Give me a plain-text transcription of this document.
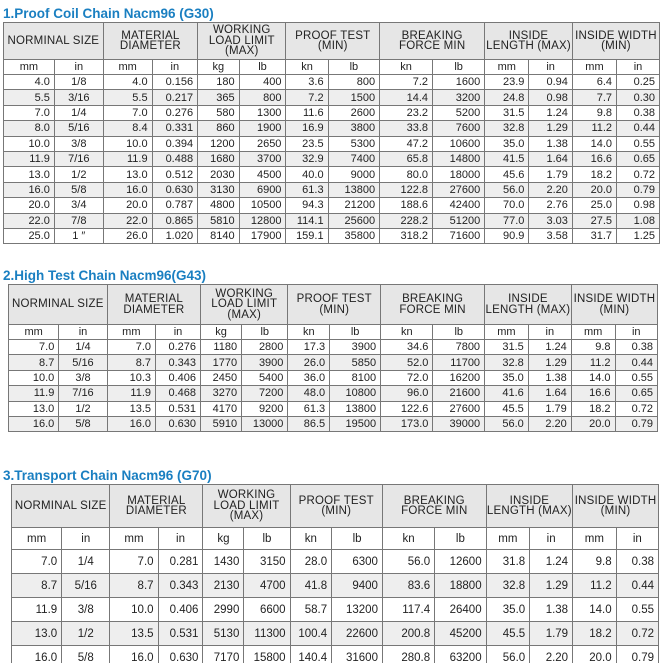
1.Proof Coil Chain Nacm96 (G30)
NORMINAL SIZE		MATERIAL DIAMETER		WORKING LOAD LIMIT (MAX)		PROOF TEST (MIN)		BREAKING FORCE MIN		INSIDE LENGTH (MAX)		INSIDE WIDTH (MIN)	
mm	in	mm	in	kg	lb	kn	lb	kn	lb	mm	in	mm	in
4.0	1/8	4.0	0.156	180	400	3.6	800	7.2	1600	23.9	0.94	6.4	0.25
5.5	3/16	5.5	0.217	365	800	7.2	1500	14.4	3200	24.8	0.98	7.7	0.30
7.0	1/4	7.0	0.276	580	1300	11.6	2600	23.2	5200	31.5	1.24	9.8	0.38
8.0	5/16	8.4	0.331	860	1900	16.9	3800	33.8	7600	32.8	1.29	11.2	0.44
10.0	3/8	10.0	0.394	1200	2650	23.5	5300	47.2	10600	35.0	1.38	14.0	0.55
11.9	7/16	11.9	0.488	1680	3700	32.9	7400	65.8	14800	41.5	1.64	16.6	0.65
13.0	1/2	13.0	0.512	2030	4500	40.0	9000	80.0	18000	45.6	1.79	18.2	0.72
16.0	5/8	16.0	0.630	3130	6900	61.3	13800	122.8	27600	56.0	2.20	20.0	0.79
20.0	3/4	20.0	0.787	4800	10500	94.3	21200	188.6	42400	70.0	2.76	25.0	0.98
22.0	7/8	22.0	0.865	5810	12800	114.1	25600	228.2	51200	77.0	3.03	27.5	1.08
25.0	1 ″	26.0	1.020	8140	17900	159.1	35800	318.2	71600	90.9	3.58	31.7	1.25
2.High Test Chain Nacm96(G43)
NORMINAL SIZE		MATERIAL DIAMETER		WORKING LOAD LIMIT (MAX)		PROOF TEST (MIN)		BREAKING FORCE MIN		INSIDE LENGTH (MAX)		INSIDE WIDTH (MIN)	
mm	in	mm	in	kg	lb	kn	lb	kn	lb	mm	in	mm	in
7.0	1/4	7.0	0.276	1180	2800	17.3	3900	34.6	7800	31.5	1.24	9.8	0.38
8.7	5/16	8.7	0.343	1770	3900	26.0	5850	52.0	11700	32.8	1.29	11.2	0.44
10.0	3/8	10.3	0.406	2450	5400	36.0	8100	72.0	16200	35.0	1.38	14.0	0.55
11.9	7/16	11.9	0.468	3270	7200	48.0	10800	96.0	21600	41.6	1.64	16.6	0.65
13.0	1/2	13.5	0.531	4170	9200	61.3	13800	122.6	27600	45.5	1.79	18.2	0.72
16.0	5/8	16.0	0.630	5910	13000	86.5	19500	173.0	39000	56.0	2.20	20.0	0.79
3.Transport Chain Nacm96 (G70)
NORMINAL SIZE		MATERIAL DIAMETER		WORKING LOAD LIMIT (MAX)		PROOF TEST (MIN)		BREAKING FORCE MIN		INSIDE LENGTH (MAX)		INSIDE WIDTH (MIN)	
mm	in	mm	in	kg	lb	kn	lb	kn	lb	mm	in	mm	in
7.0	1/4	7.0	0.281	1430	3150	28.0	6300	56.0	12600	31.8	1.24	9.8	0.38
8.7	5/16	8.7	0.343	2130	4700	41.8	9400	83.6	18800	32.8	1.29	11.2	0.44
11.9	3/8	10.0	0.406	2990	6600	58.7	13200	117.4	26400	35.0	1.38	14.0	0.55
13.0	1/2	13.5	0.531	5130	11300	100.4	22600	200.8	45200	45.5	1.79	18.2	0.72
16.0	5/8	16.0	0.630	7170	15800	140.4	31600	280.8	63200	56.0	2.20	20.0	0.79
